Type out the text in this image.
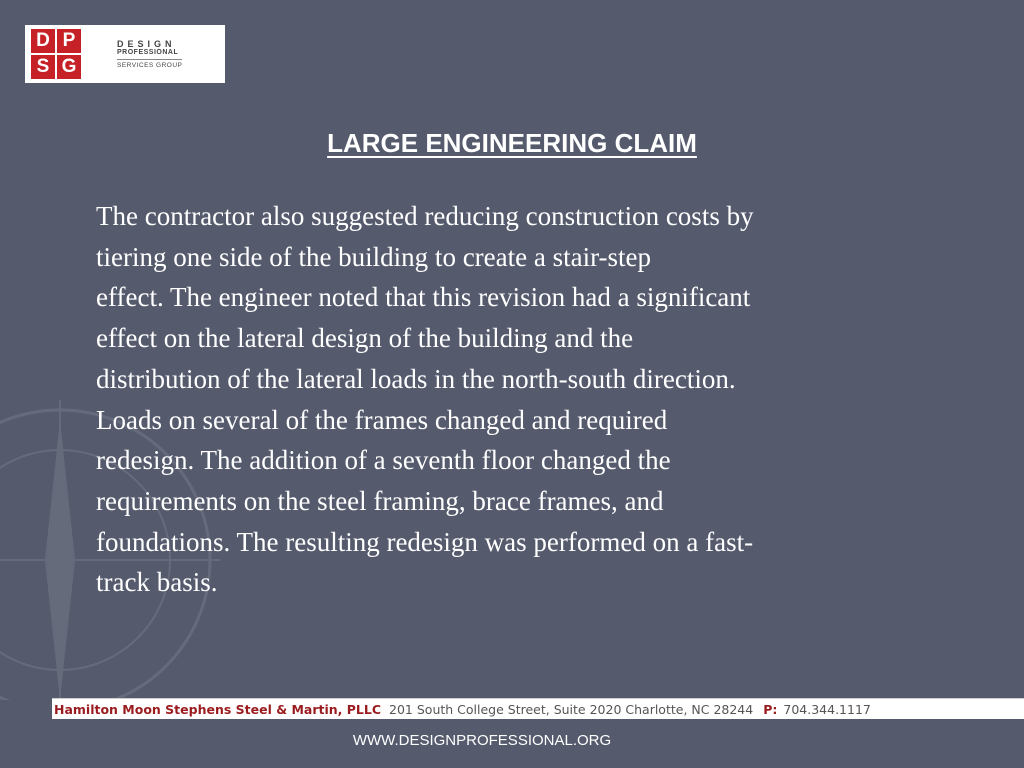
D P
S G
DESIGN
PROFESSIONAL
SERVICES GROUP
LARGE ENGINEERING CLAIM
The contractor also suggested reducing construction costs by
tiering one side of the building to create a stair-step
effect. The engineer noted that this revision had a significant
effect on the lateral design of the building and the
distribution of the lateral loads in the north-south direction.
Loads on several of the frames changed and required
redesign. The addition of a seventh floor changed the
requirements on the steel framing, brace frames, and
foundations. The resulting redesign was performed on a fast-
track basis.
Hamilton Moon Stephens Steel & Martin, PLLC 201 South College Street, Suite 2020 Charlotte, NC 28244 P: 704.344.1117
WWW.DESIGNPROFESSIONAL.ORG
